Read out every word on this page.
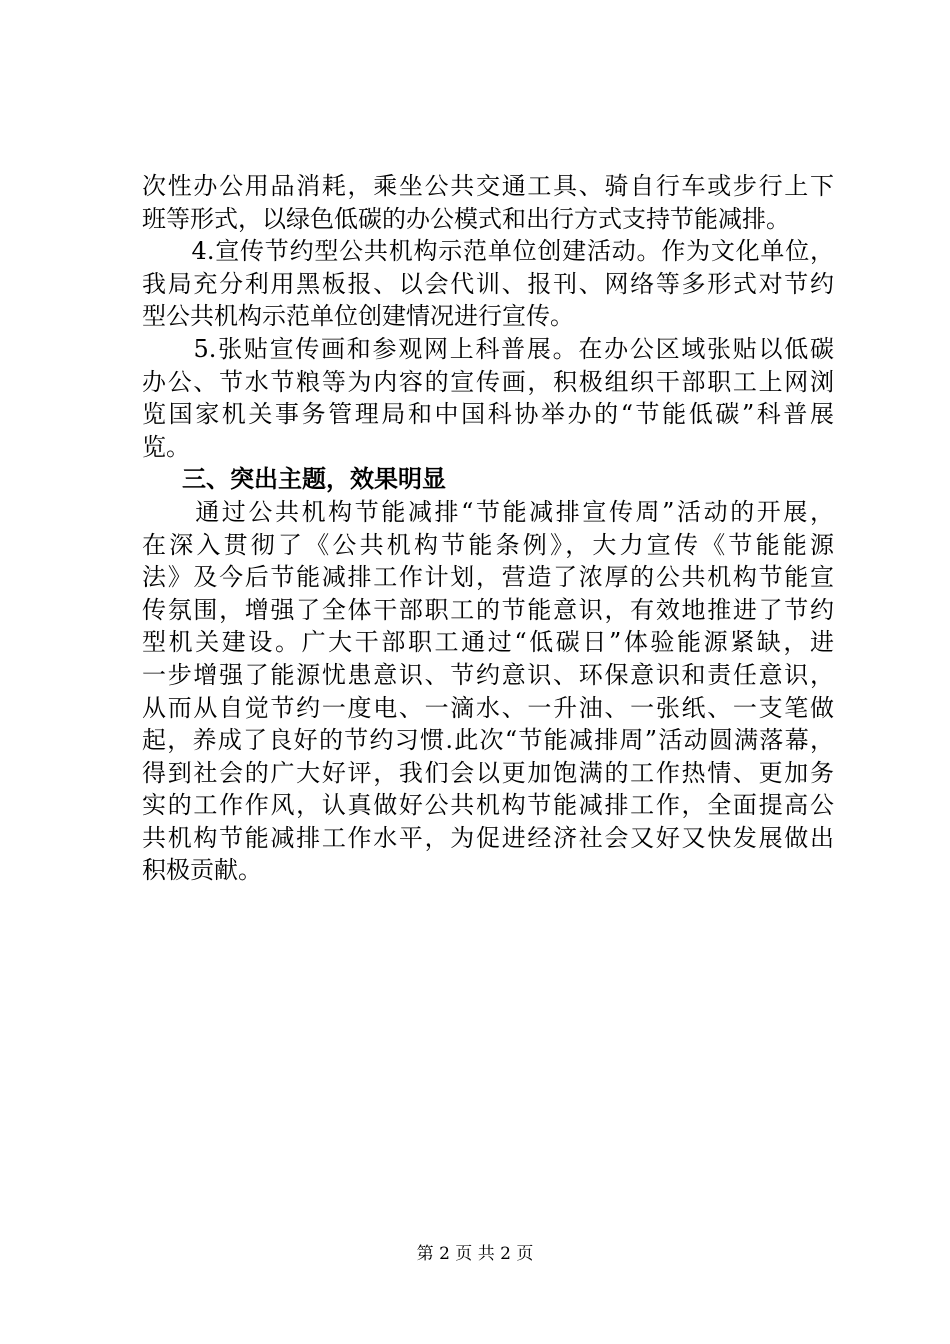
次性办公用品消耗，乘坐公共交通工具、骑自行车或步行上下
班等形式，以绿色低碳的办公模式和出行方式支持节能减排。
　　4.宣传节约型公共机构示范单位创建活动。作为文化单位，
我局充分利用黑板报、以会代训、报刊、网络等多形式对节约
型公共机构示范单位创建情况进行宣传。
　　5.张贴宣传画和参观网上科普展。在办公区域张贴以低碳
办公、节水节粮等为内容的宣传画，积极组织干部职工上网浏
览国家机关事务管理局和中国科协举办的“节能低碳”科普展
览。
三、突出主题，效果明显
　　通过公共机构节能减排“节能减排宣传周”活动的开展，
在深入贯彻了《公共机构节能条例》，大力宣传《节能能源
法》及今后节能减排工作计划，营造了浓厚的公共机构节能宣
传氛围，增强了全体干部职工的节能意识，有效地推进了节约
型机关建设。广大干部职工通过“低碳日”体验能源紧缺，进
一步增强了能源忧患意识、节约意识、环保意识和责任意识，
从而从自觉节约一度电、一滴水、一升油、一张纸、一支笔做
起，养成了良好的节约习惯.此次“节能减排周”活动圆满落幕，
得到社会的广大好评，我们会以更加饱满的工作热情、更加务
实的工作作风，认真做好公共机构节能减排工作，全面提高公
共机构节能减排工作水平，为促进经济社会又好又快发展做出
积极贡献。
第 2 页 共 2 页
